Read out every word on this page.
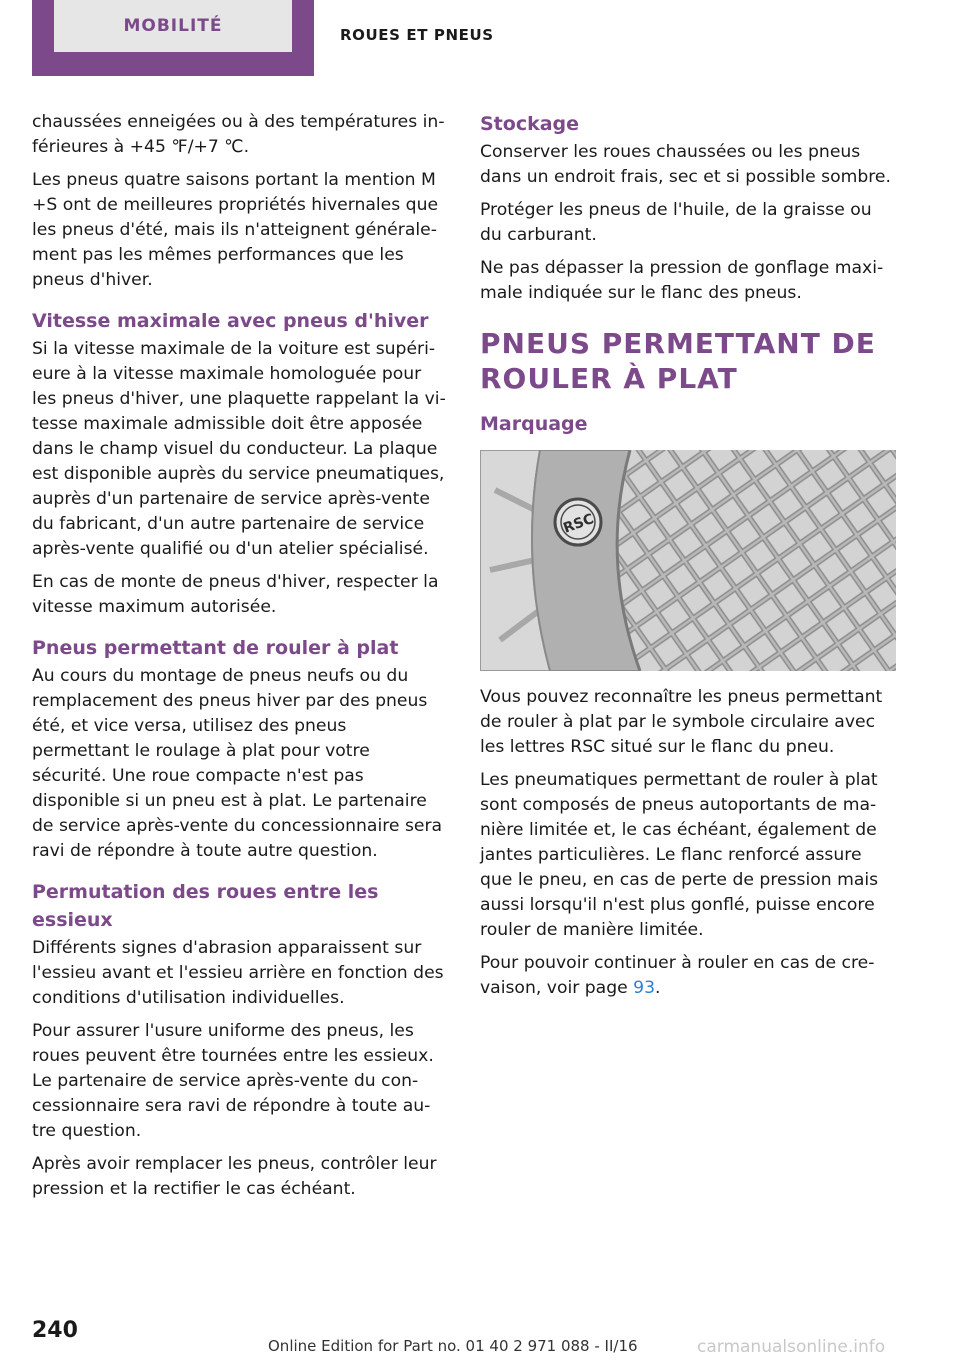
MOBILITÉ	ROUES ET PNEUS

chaussées enneigées ou à des températures inférieures à +45 ℉/+7 ℃.

Les pneus quatre saisons portant la mention M +S ont de meilleures propriétés hivernales que les pneus d'été, mais ils n'atteignent généralement pas les mêmes performances que les pneus d'hiver.

Vitesse maximale avec pneus d'hiver

Si la vitesse maximale de la voiture est supérieure à la vitesse maximale homologuée pour les pneus d'hiver, une plaquette rappelant la vitesse maximale admissible doit être apposée dans le champ visuel du conducteur. La plaque est disponible auprès du service pneumatiques, auprès d'un partenaire de service après-vente du fabricant, d'un autre partenaire de service après-vente qualifié ou d'un atelier spécialisé.

En cas de monte de pneus d'hiver, respecter la vitesse maximum autorisée.

Pneus permettant de rouler à plat

Au cours du montage de pneus neufs ou du remplacement des pneus hiver par des pneus été, et vice versa, utilisez des pneus permettant le roulage à plat pour votre sécurité. Une roue compacte n'est pas disponible si un pneu est à plat. Le partenaire de service après-vente du concessionnaire sera ravi de répondre à toute autre question.

Permutation des roues entre les essieux

Différents signes d'abrasion apparaissent sur l'essieu avant et l'essieu arrière en fonction des conditions d'utilisation individuelles.

Pour assurer l'usure uniforme des pneus, les roues peuvent être tournées entre les essieux. Le partenaire de service après-vente du concessionnaire sera ravi de répondre à toute autre question.

Après avoir remplacer les pneus, contrôler leur pression et la rectifier le cas échéant.

Stockage

Conserver les roues chaussées ou les pneus dans un endroit frais, sec et si possible sombre.

Protéger les pneus de l'huile, de la graisse ou du carburant.

Ne pas dépasser la pression de gonflage maximale indiquée sur le flanc des pneus.

PNEUS PERMETTANT DE ROULER À PLAT
Marquage
RSC

Vous pouvez reconnaître les pneus permettant de rouler à plat par le symbole circulaire avec les lettres RSC situé sur le flanc du pneu.

Les pneumatiques permettant de rouler à plat sont composés de pneus autoportants de manière limitée et, le cas échéant, également de jantes particulières. Le flanc renforcé assure que le pneu, en cas de perte de pression mais aussi lorsqu'il n'est plus gonflé, puisse encore rouler de manière limitée.

Pour pouvoir continuer à rouler en cas de crevaison, voir page 93.

240
Online Edition for Part no. 01 40 2 971 088 - II/16	carmanualsonline.info
